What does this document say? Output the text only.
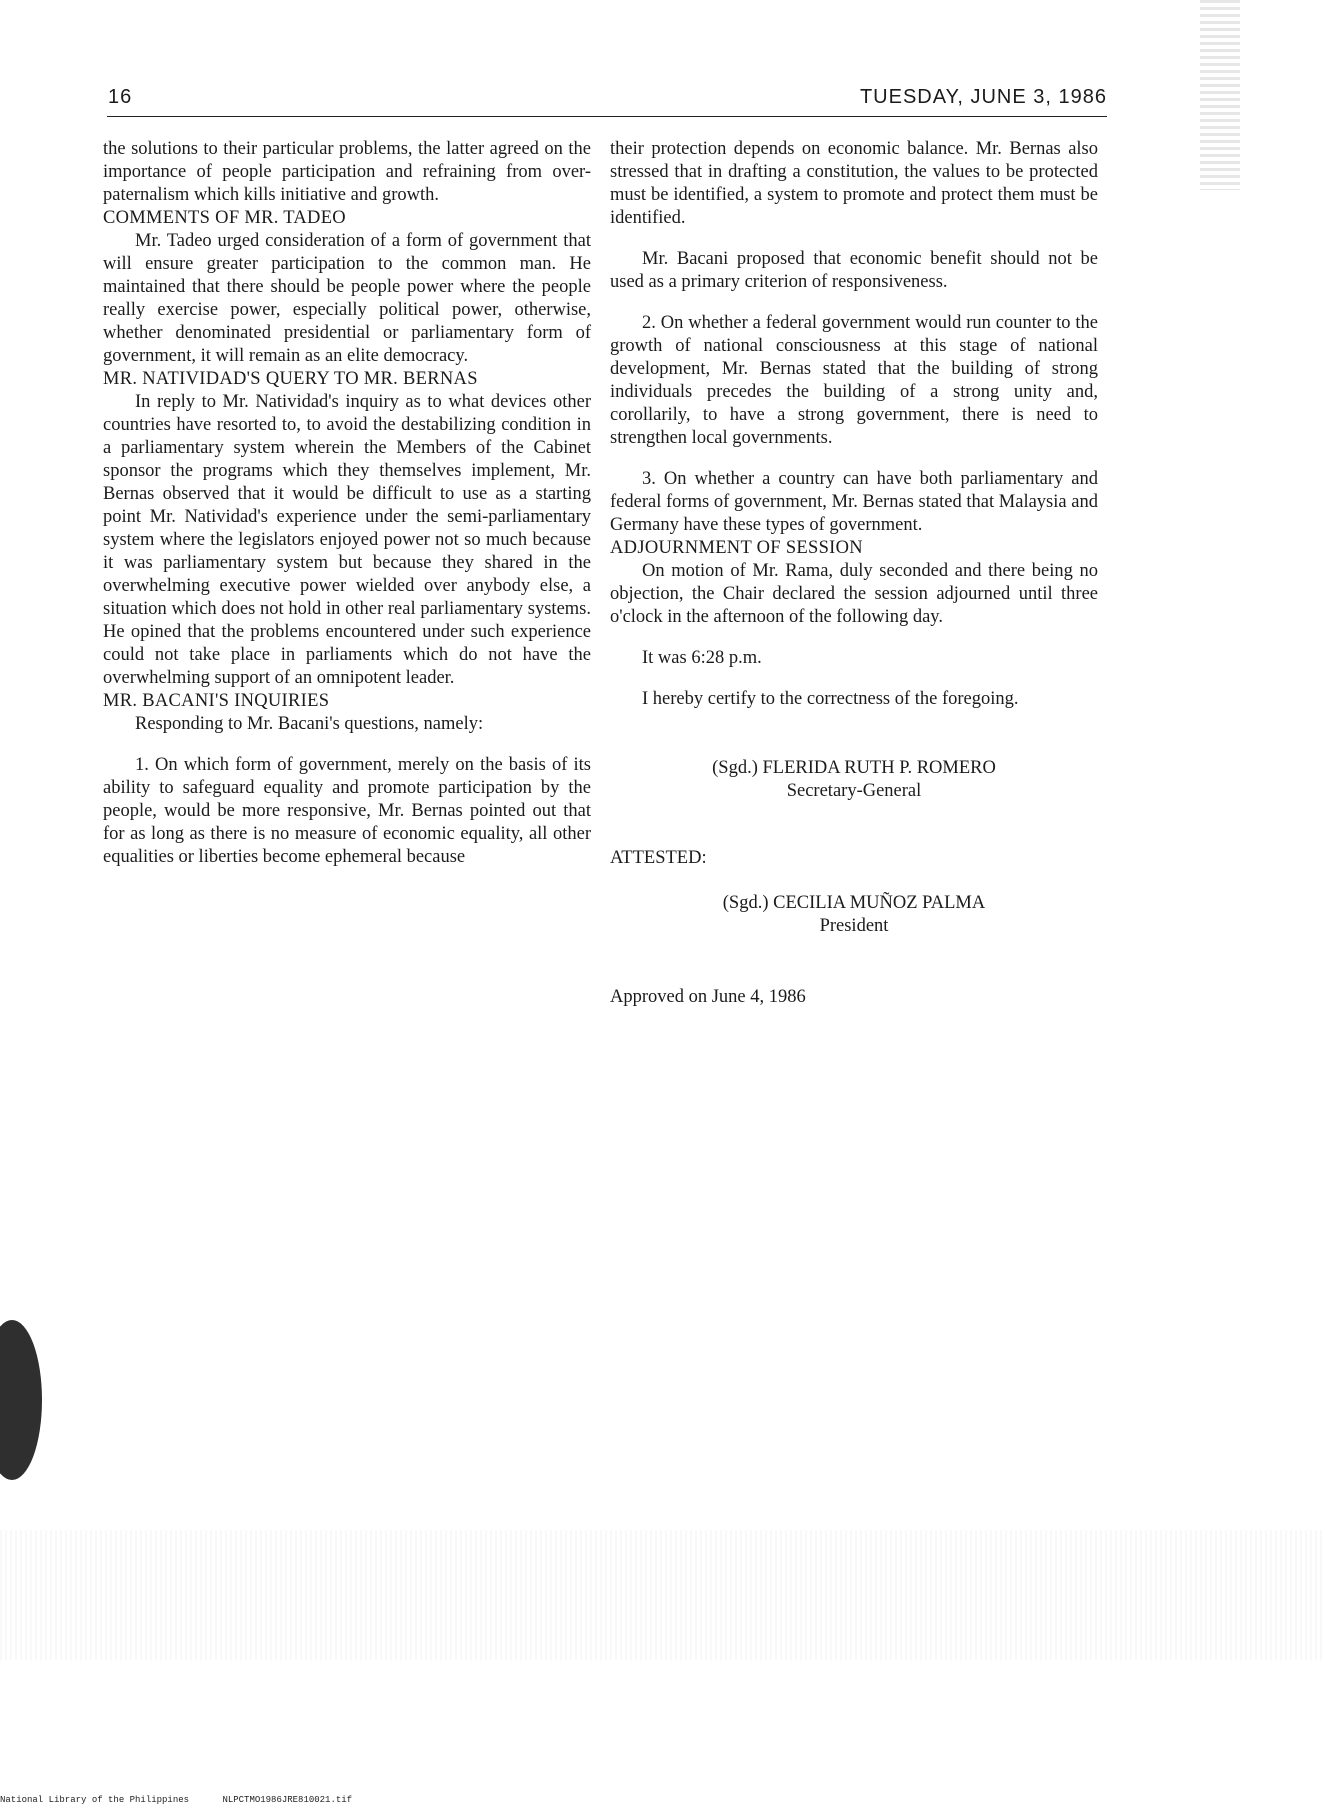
16	TUESDAY, JUNE 3, 1986

the solutions to their particular problems, the latter agreed on the importance of people participation and refraining from over-paternalism which kills initiative and growth.

COMMENTS OF MR. TADEO

Mr. Tadeo urged consideration of a form of government that will ensure greater participation to the common man. He maintained that there should be people power where the people really exercise power, especially political power, otherwise, whether denominated presidential or parliamentary form of government, it will remain as an elite democracy.

MR. NATIVIDAD'S QUERY TO MR. BERNAS

In reply to Mr. Natividad's inquiry as to what devices other countries have resorted to, to avoid the destabilizing condition in a parliamentary system wherein the Members of the Cabinet sponsor the programs which they themselves implement, Mr. Bernas observed that it would be difficult to use as a starting point Mr. Natividad's experience under the semi-parliamentary system where the legislators enjoyed power not so much because it was parliamentary system but because they shared in the overwhelming executive power wielded over anybody else, a situation which does not hold in other real parliamentary systems. He opined that the problems encountered under such experience could not take place in parliaments which do not have the overwhelming support of an omnipotent leader.

MR. BACANI'S INQUIRIES

Responding to Mr. Bacani's questions, namely:

1. On which form of government, merely on the basis of its ability to safeguard equality and promote participation by the people, would be more responsive, Mr. Bernas pointed out that for as long as there is no measure of economic equality, all other equalities or liberties become ephemeral because

their protection depends on economic balance. Mr. Bernas also stressed that in drafting a constitution, the values to be protected must be identified, a system to promote and protect them must be identified.

Mr. Bacani proposed that economic benefit should not be used as a primary criterion of responsiveness.

2. On whether a federal government would run counter to the growth of national consciousness at this stage of national development, Mr. Bernas stated that the building of strong individuals precedes the building of a strong unity and, corollarily, to have a strong government, there is need to strengthen local governments.

3. On whether a country can have both parliamentary and federal forms of government, Mr. Bernas stated that Malaysia and Germany have these types of government.

ADJOURNMENT OF SESSION

On motion of Mr. Rama, duly seconded and there being no objection, the Chair declared the session adjourned until three o'clock in the afternoon of the following day.

It was 6:28 p.m.

I hereby certify to the correctness of the foregoing.

(Sgd.) FLERIDA RUTH P. ROMERO
Secretary-General

ATTESTED:

(Sgd.) CECILIA MUÑOZ PALMA
President

Approved on June 4, 1986

National Library of the Philippines	NLPCTMO1986JRE810021.tif
